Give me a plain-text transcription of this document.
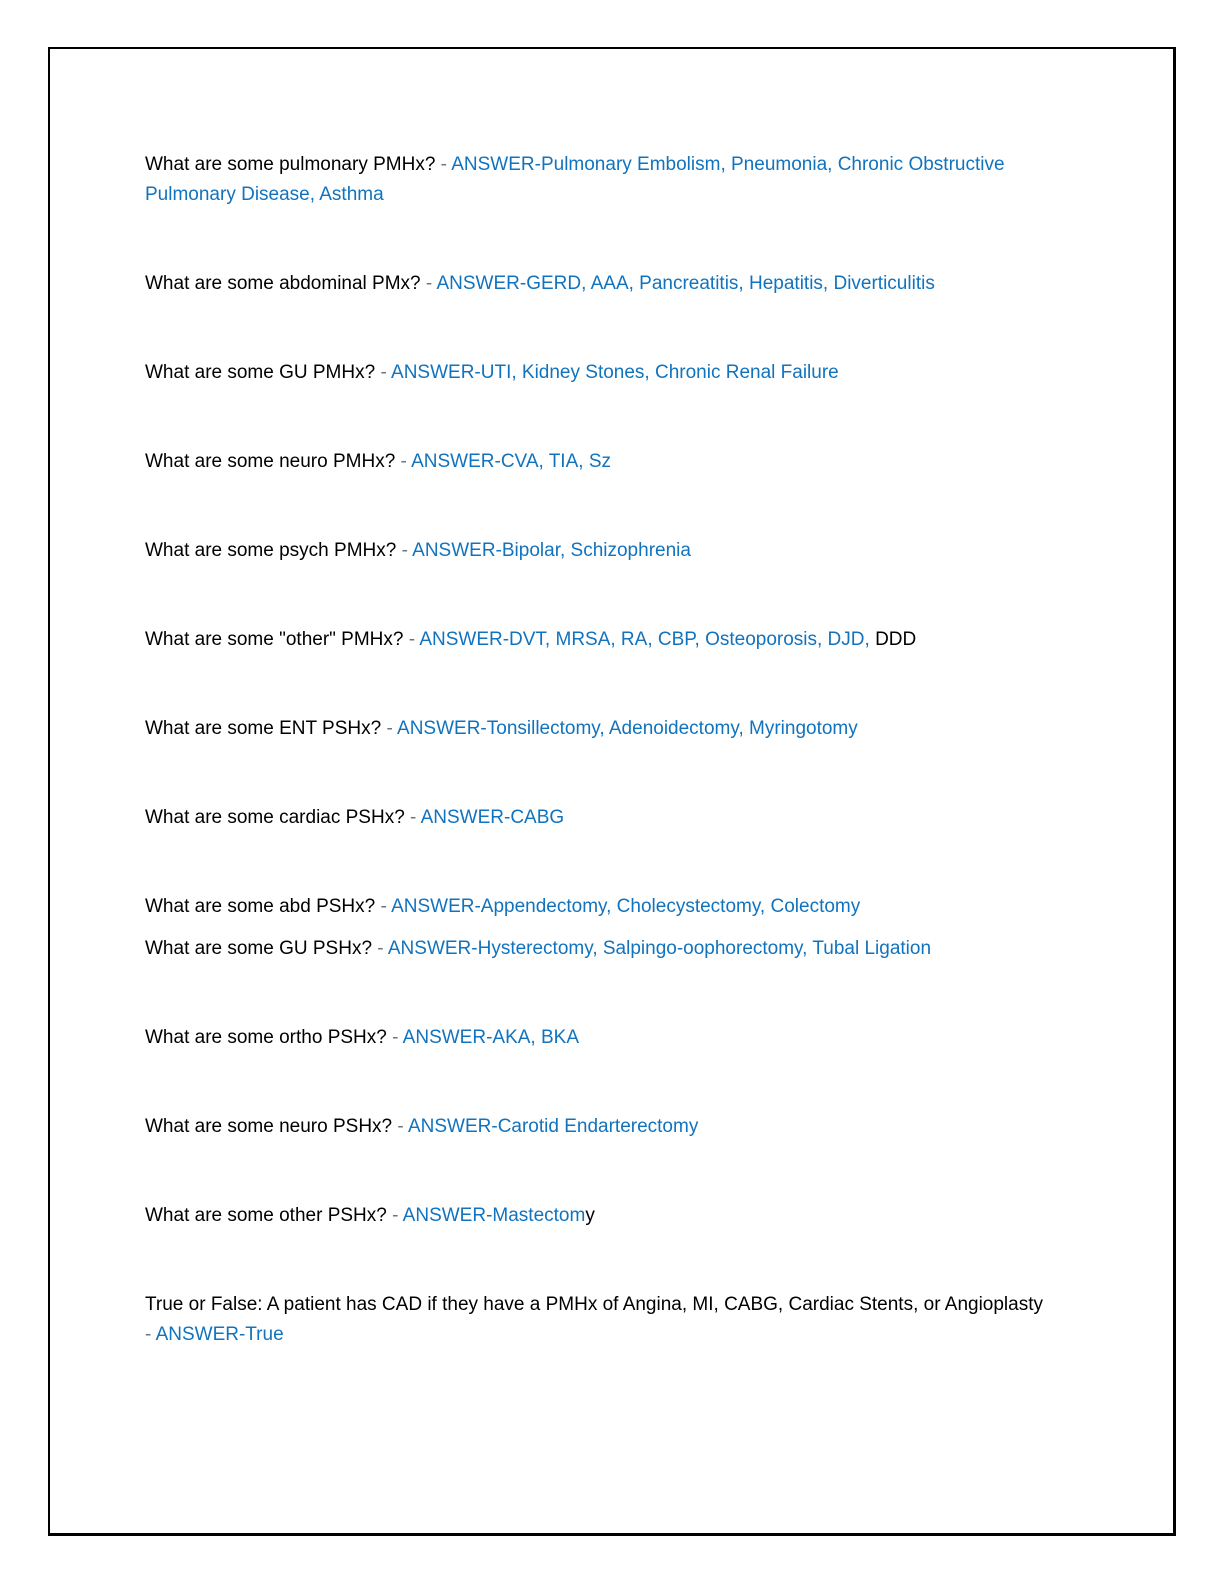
What are some pulmonary PMHx? - ANSWER-Pulmonary Embolism, Pneumonia, Chronic Obstructive Pulmonary Disease, Asthma

What are some abdominal PMx? - ANSWER-GERD, AAA, Pancreatitis, Hepatitis, Diverticulitis

What are some GU PMHx? - ANSWER-UTI, Kidney Stones, Chronic Renal Failure

What are some neuro PMHx? - ANSWER-CVA, TIA, Sz

What are some psych PMHx? - ANSWER-Bipolar, Schizophrenia

What are some "other" PMHx? - ANSWER-DVT, MRSA, RA, CBP, Osteoporosis, DJD, DDD

What are some ENT PSHx? - ANSWER-Tonsillectomy, Adenoidectomy, Myringotomy

What are some cardiac PSHx? - ANSWER-CABG

What are some abd PSHx? - ANSWER-Appendectomy, Cholecystectomy, Colectomy

What are some GU PSHx? - ANSWER-Hysterectomy, Salpingo-oophorectomy, Tubal Ligation

What are some ortho PSHx? - ANSWER-AKA, BKA

What are some neuro PSHx? - ANSWER-Carotid Endarterectomy

What are some other PSHx? - ANSWER-Mastectomy

True or False: A patient has CAD if they have a PMHx of Angina, MI, CABG, Cardiac Stents, or Angioplasty
- ANSWER-True
